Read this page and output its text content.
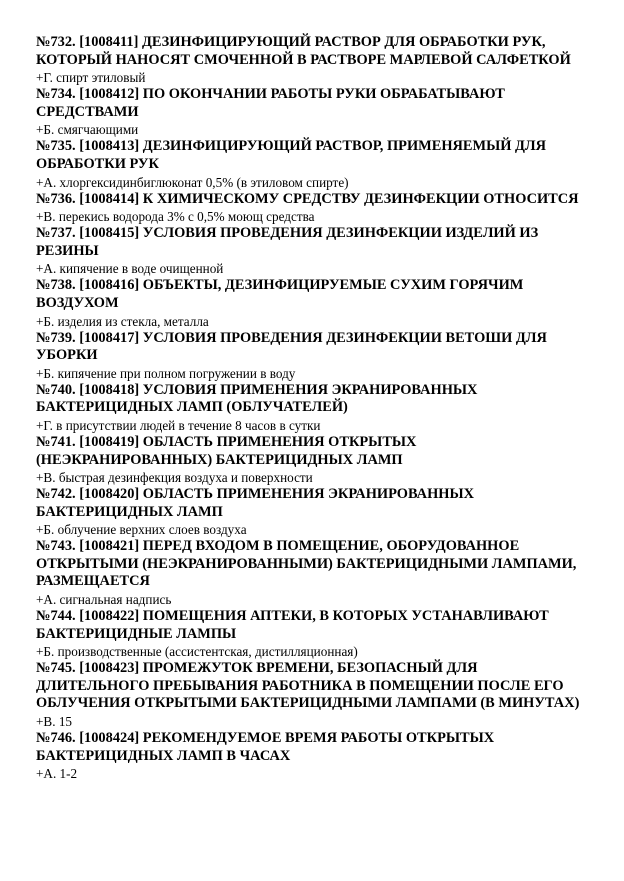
№732. [1008411] ДЕЗИНФИЦИРУЮЩИЙ РАСТВОР ДЛЯ ОБРАБОТКИ РУК, КОТОРЫЙ НАНОСЯТ СМОЧЕННОЙ В РАСТВОРЕ МАРЛЕВОЙ САЛФЕТКОЙ

+Г. спирт этиловый

№734. [1008412] ПО ОКОНЧАНИИ РАБОТЫ РУКИ ОБРАБАТЫВАЮТ СРЕДСТВАМИ

+Б. смягчающими

№735. [1008413] ДЕЗИНФИЦИРУЮЩИЙ РАСТВОР, ПРИМЕНЯЕМЫЙ ДЛЯ ОБРАБОТКИ РУК

+А. хлоргексидинбиглюконат 0,5% (в этиловом спирте)

№736. [1008414] К ХИМИЧЕСКОМУ СРЕДСТВУ ДЕЗИНФЕКЦИИ ОТНОСИТСЯ

+В. перекись водорода 3% с 0,5% моющ средства

№737. [1008415] УСЛОВИЯ ПРОВЕДЕНИЯ ДЕЗИНФЕКЦИИ ИЗДЕЛИЙ ИЗ РЕЗИНЫ

+А. кипячение в воде очищенной

№738. [1008416] ОБЪЕКТЫ, ДЕЗИНФИЦИРУЕМЫЕ СУХИМ ГОРЯЧИМ ВОЗДУХОМ

+Б. изделия из стекла, металла

№739. [1008417] УСЛОВИЯ ПРОВЕДЕНИЯ ДЕЗИНФЕКЦИИ ВЕТОШИ ДЛЯ УБОРКИ

+Б. кипячение при полном погружении в воду

№740. [1008418] УСЛОВИЯ ПРИМЕНЕНИЯ ЭКРАНИРОВАННЫХ БАКТЕРИЦИДНЫХ ЛАМП (ОБЛУЧАТЕЛЕЙ)

+Г. в присутствии людей в течение 8 часов в сутки

№741. [1008419] ОБЛАСТЬ ПРИМЕНЕНИЯ ОТКРЫТЫХ (НЕЭКРАНИРОВАННЫХ) БАКТЕРИЦИДНЫХ ЛАМП

+В. быстрая дезинфекция воздуха и поверхности

№742. [1008420] ОБЛАСТЬ ПРИМЕНЕНИЯ ЭКРАНИРОВАННЫХ БАКТЕРИЦИДНЫХ ЛАМП

+Б. облучение верхних слоев воздуха

№743. [1008421] ПЕРЕД ВХОДОМ В ПОМЕЩЕНИЕ, ОБОРУДОВАННОЕ ОТКРЫТЫМИ (НЕЭКРАНИРОВАННЫМИ) БАКТЕРИЦИДНЫМИ ЛАМПАМИ, РАЗМЕЩАЕТСЯ

+А. сигнальная надпись

№744. [1008422] ПОМЕЩЕНИЯ АПТЕКИ, В КОТОРЫХ УСТАНАВЛИВАЮТ БАКТЕРИЦИДНЫЕ ЛАМПЫ

+Б. производственные (ассистентская, дистилляционная)

№745. [1008423] ПРОМЕЖУТОК ВРЕМЕНИ, БЕЗОПАСНЫЙ ДЛЯ ДЛИТЕЛЬНОГО ПРЕБЫВАНИЯ РАБОТНИКА В ПОМЕЩЕНИИ ПОСЛЕ ЕГО ОБЛУЧЕНИЯ ОТКРЫТЫМИ БАКТЕРИЦИДНЫМИ ЛАМПАМИ (В МИНУТАХ)

+В. 15

№746. [1008424] РЕКОМЕНДУЕМОЕ ВРЕМЯ РАБОТЫ ОТКРЫТЫХ БАКТЕРИЦИДНЫХ ЛАМП В ЧАСАХ

+А. 1-2
